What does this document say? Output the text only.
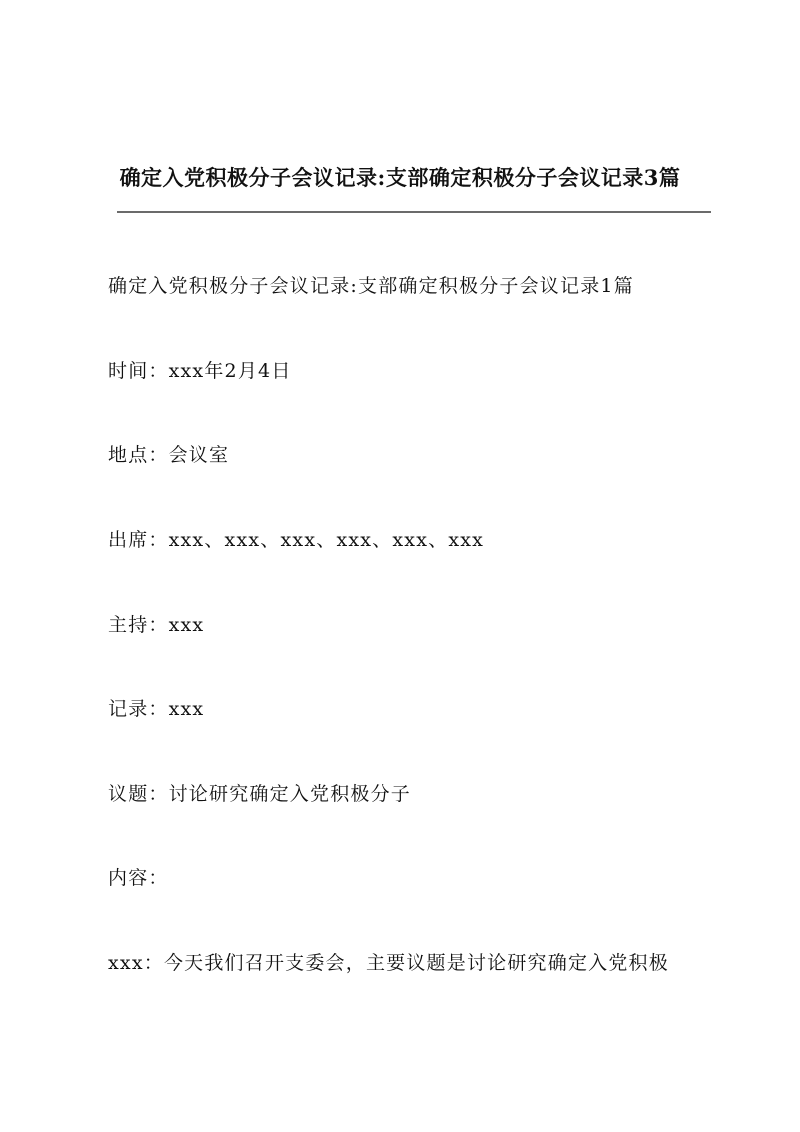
确定入党积极分子会议记录:支部确定积极分子会议记录3篇

确定入党积极分子会议记录:支部确定积极分子会议记录1篇

时间：xxx年2月4日

地点：会议室

出席：xxx、xxx、xxx、xxx、xxx、xxx

主持：xxx

记录：xxx

议题：讨论研究确定入党积极分子

内容：

xxx：今天我们召开支委会，主要议题是讨论研究确定入党积极
